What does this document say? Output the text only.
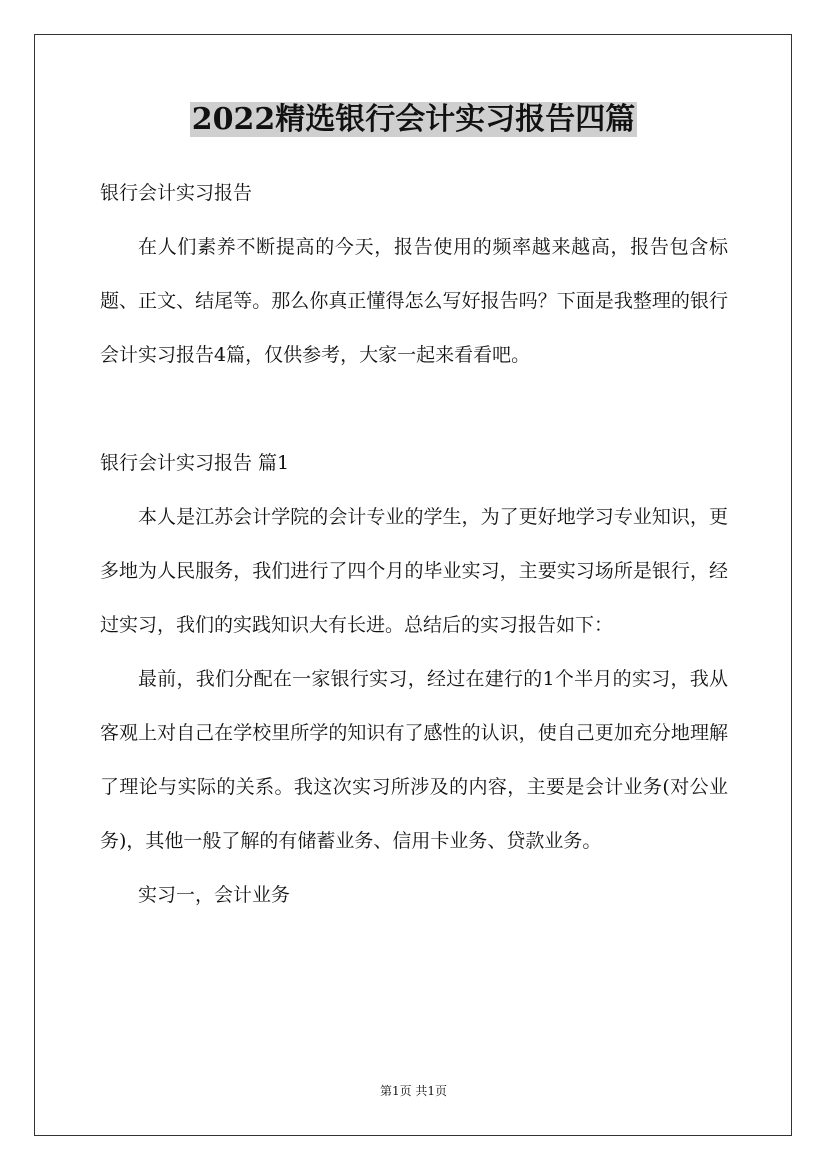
2022精选银行会计实习报告四篇

银行会计实习报告

在人们素养不断提高的今天，报告使用的频率越来越高，报告包含标题、正文、结尾等。那么你真正懂得怎么写好报告吗？下面是我整理的银行会计实习报告4篇，仅供参考，大家一起来看看吧。

银行会计实习报告 篇1

本人是江苏会计学院的会计专业的学生，为了更好地学习专业知识，更多地为人民服务，我们进行了四个月的毕业实习，主要实习场所是银行，经过实习，我们的实践知识大有长进。总结后的实习报告如下：

最前，我们分配在一家银行实习，经过在建行的1个半月的实习，我从客观上对自己在学校里所学的知识有了感性的认识，使自己更加充分地理解了理论与实际的关系。我这次实习所涉及的内容，主要是会计业务(对公业务)，其他一般了解的有储蓄业务、信用卡业务、贷款业务。

实习一，会计业务

第1页 共1页
